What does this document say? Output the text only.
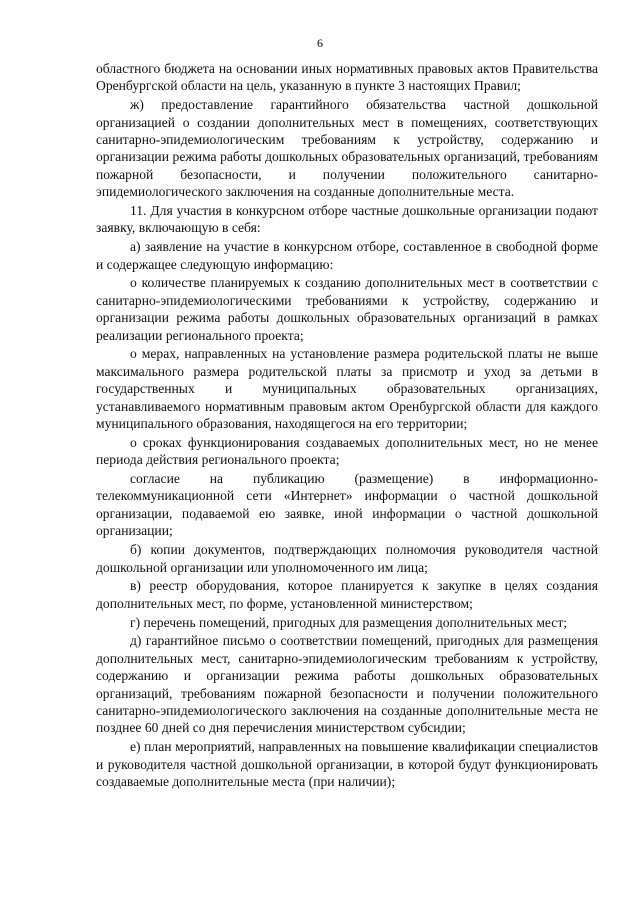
6

областного бюджета на основании иных нормативных правовых актов Правительства Оренбургской области на цель, указанную в пункте 3 настоящих Правил;

ж) предоставление гарантийного обязательства частной дошкольной организацией о создании дополнительных мест в помещениях, соответствующих санитарно-эпидемиологическим требованиям к устройству, содержанию и организации режима работы дошкольных образовательных организаций, требованиям пожарной безопасности, и получении положительного санитарно-эпидемиологического заключения на созданные дополнительные места.

11. Для участия в конкурсном отборе частные дошкольные организации подают заявку, включающую в себя:

а) заявление на участие в конкурсном отборе, составленное в свободной форме и содержащее следующую информацию:

о количестве планируемых к созданию дополнительных мест в соответствии с санитарно-эпидемиологическими требованиями к устройству, содержанию и организации режима работы дошкольных образовательных организаций в рамках реализации регионального проекта;

о мерах, направленных на установление размера родительской платы не выше максимального размера родительской платы за присмотр и уход за детьми в государственных и муниципальных образовательных организациях, устанавливаемого нормативным правовым актом Оренбургской области для каждого муниципального образования, находящегося на его территории;

о сроках функционирования создаваемых дополнительных мест, но не менее периода действия регионального проекта;

согласие на публикацию (размещение) в информационно-телекоммуникационной сети «Интернет» информации о частной дошкольной организации, подаваемой ею заявке, иной информации о частной дошкольной организации;

б) копии документов, подтверждающих полномочия руководителя частной дошкольной организации или уполномоченного им лица;

в) реестр оборудования, которое планируется к закупке в целях создания дополнительных мест, по форме, установленной министерством;

г) перечень помещений, пригодных для размещения дополнительных мест;

д) гарантийное письмо о соответствии помещений, пригодных для размещения дополнительных мест, санитарно-эпидемиологическим требованиям к устройству, содержанию и организации режима работы дошкольных образовательных организаций, требованиям пожарной безопасности и получении положительного санитарно-эпидемиологического заключения на созданные дополнительные места не позднее 60 дней со дня перечисления министерством субсидии;

е) план мероприятий, направленных на повышение квалификации специалистов и руководителя частной дошкольной организации, в которой будут функционировать создаваемые дополнительные места (при наличии);
